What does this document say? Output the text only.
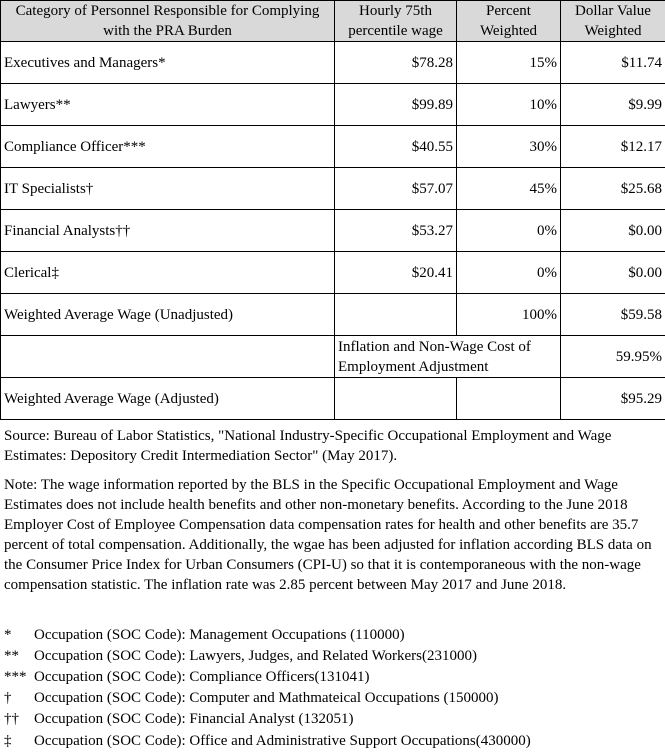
Category of Personnel Responsible for Complying with the PRA Burden	Hourly 75th percentile wage	Percent Weighted	Dollar Value Weighted
Executives and Managers*	$78.28	15%	$11.74
Lawyers**	$99.89	10%	$9.99
Compliance Officer***	$40.55	30%	$12.17
IT Specialists†	$57.07	45%	$25.68
Financial Analysts††	$53.27	0%	$0.00
Clerical‡	$20.41	0%	$0.00
Weighted Average Wage (Unadjusted)		100%	$59.58
	Inflation and Non-Wage Cost of Employment Adjustment		59.95%
Weighted Average Wage (Adjusted)			$95.29
Source: Bureau of Labor Statistics, "National Industry-Specific Occupational Employment and Wage Estimates: Depository Credit Intermediation Sector" (May 2017).
Note: The wage information reported by the BLS in the Specific Occupational Employment and Wage Estimates does not include health benefits and other non-monetary benefits. According to the June 2018 Employer Cost of Employee Compensation data compensation rates for health and other benefits are 35.7 percent of total compensation. Additionally, the wgae has been adjusted for inflation according BLS data on the Consumer Price Index for Urban Consumers (CPI-U) so that it is contemporaneous with the non-wage compensation statistic. The inflation rate was 2.85 percent between May 2017 and June 2018.
* Occupation (SOC Code): Management Occupations (110000)
** Occupation (SOC Code): Lawyers, Judges, and Related Workers(231000)
*** Occupation (SOC Code): Compliance Officers(131041)
† Occupation (SOC Code): Computer and Mathmateical Occupations (150000)
†† Occupation (SOC Code): Financial Analyst (132051)
‡ Occupation (SOC Code): Office and Administrative Support Occupations(430000)
